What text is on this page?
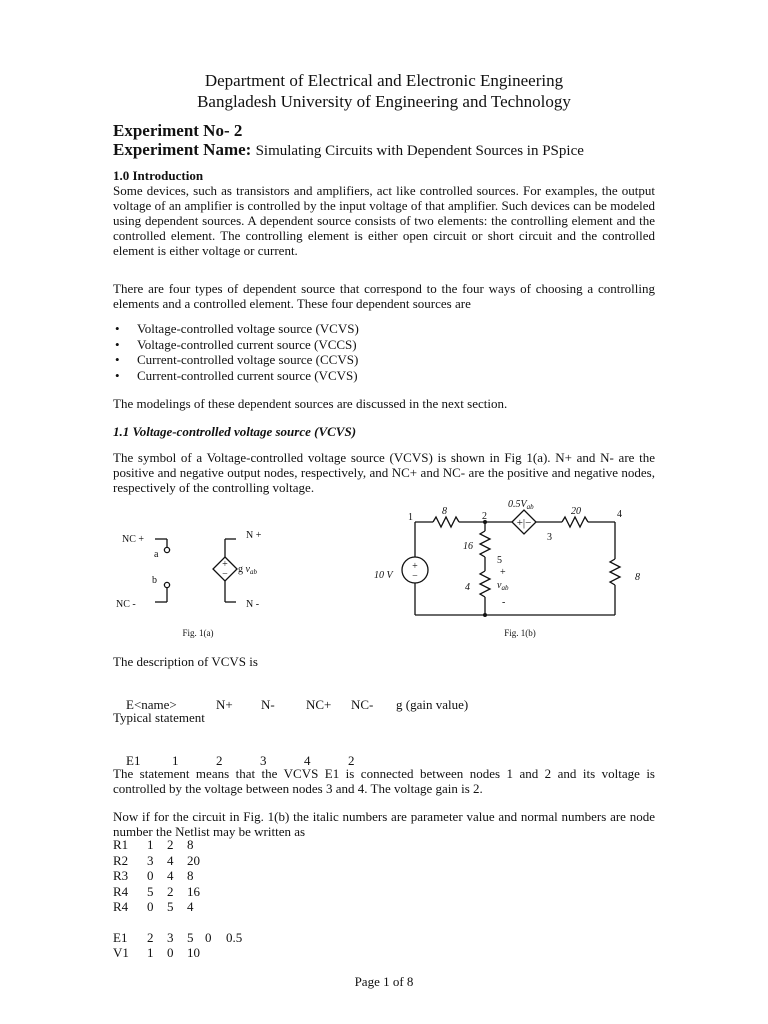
Department of Electrical and Electronic Engineering
Bangladesh University of Engineering and Technology
Experiment No- 2
Experiment Name: Simulating Circuits with Dependent Sources in PSpice
1.0 Introduction
Some devices, such as transistors and amplifiers, act like controlled sources. For examples, the output voltage of an amplifier is controlled by the input voltage of that amplifier. Such devices can be modeled using dependent sources. A dependent source consists of two elements: the controlling element and the controlled element. The controlling element is either open circuit or short circuit and the controlled element is either voltage or current.
There are four types of dependent source that correspond to the four ways of choosing a controlling elements and a controlled element. These four dependent sources are
• Voltage-controlled voltage source (VCVS)
• Voltage-controlled current source (VCCS)
• Current-controlled voltage source (CCVS)
• Current-controlled current source (VCVS)
The modelings of these dependent sources are discussed in the next section.
1.1 Voltage-controlled voltage source (VCVS)
The symbol of a Voltage-controlled voltage source (VCVS) is shown in Fig 1(a). N+ and N- are the positive and negative output nodes, respectively, and NC+ and NC- are the positive and negative nodes, respectively of the controlling voltage.
+
−
NC +
a
b
NC -
N +
N -
g $v_{ab}$
Fig. 1(a)
+
−
+|−
1	2
3
4
5
+
-
8	20
16
4
8
10 V
$0.5V_{ab}$
$v_{ab}$
Fig. 1(b)
The description of VCVS is

E<name>	N+ N- NC+ NC- g (gain value)

Typical statement

E1 1	2	3	4	2

The statement means that the VCVS E1 is connected between nodes 1 and 2 and its voltage is controlled by the voltage between nodes 3 and 4. The voltage gain is 2.
Now if for the circuit in Fig. 1(b) the italic numbers are parameter value and normal numbers are node number the Netlist may be written as
R1 1 2 8
R2 3 4 20
R3 0 4 8
R4 5 2 16
R4 0 5 4
E1 2 3 5 0 0.5
V1 1 0 10
Page 1 of 8
